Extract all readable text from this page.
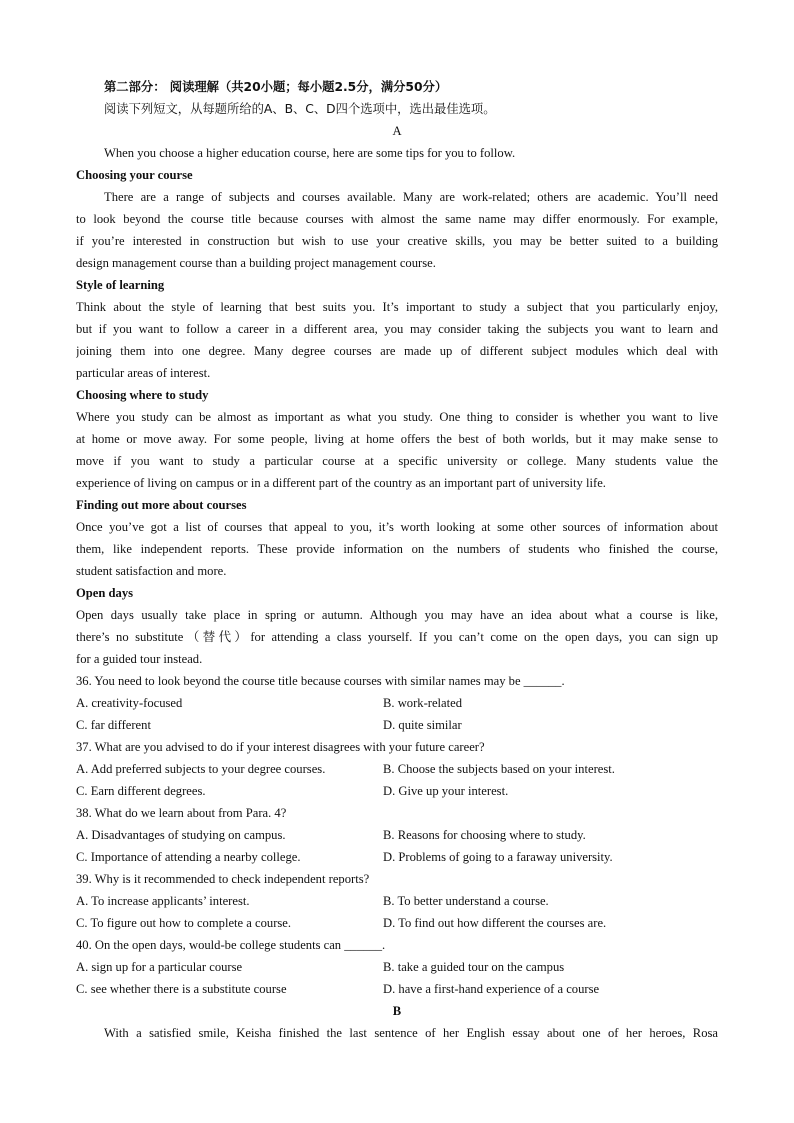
第二部分： 阅读理解（共20小题；每小题2.5分，满分50分）
阅读下列短文，从每题所给的A、B、C、D四个选项中，选出最佳选项。
A
When you choose a higher education course, here are some tips for you to follow.
Choosing your course
There are a range of subjects and courses available. Many are work-related; others are academic. You’ll need
to look beyond the course title because courses with almost the same name may differ enormously. For example,
if you’re interested in construction but wish to use your creative skills, you may be better suited to a building
design management course than a building project management course.
Style of learning
Think about the style of learning that best suits you. It’s important to study a subject that you particularly enjoy,
but if you want to follow a career in a different area, you may consider taking the subjects you want to learn and
joining them into one degree. Many degree courses are made up of different subject modules which deal with
particular areas of interest.
Choosing where to study
Where you study can be almost as important as what you study. One thing to consider is whether you want to live
at home or move away. For some people, living at home offers the best of both worlds, but it may make sense to
move if you want to study a particular course at a specific university or college. Many students value the
experience of living on campus or in a different part of the country as an important part of university life.
Finding out more about courses
Once you’ve got a list of courses that appeal to you, it’s worth looking at some other sources of information about
them, like independent reports. These provide information on the numbers of students who finished the course,
student satisfaction and more.
Open days
Open days usually take place in spring or autumn. Although you may have an idea about what a course is like,
there’s no substitute（替代）for attending a class yourself. If you can’t come on the open days, you can sign up
for a guided tour instead.
36. You need to look beyond the course title because courses with similar names may be ______.
A. creativity-focused	B. work-related
C. far different	D. quite similar
37. What are you advised to do if your interest disagrees with your future career?
A. Add preferred subjects to your degree courses.	B. Choose the subjects based on your interest.
C. Earn different degrees.	D. Give up your interest.
38. What do we learn about from Para. 4?
A. Disadvantages of studying on campus.	B. Reasons for choosing where to study.
C. Importance of attending a nearby college.	D. Problems of going to a faraway university.
39. Why is it recommended to check independent reports?
A. To increase applicants’ interest.	B. To better understand a course.
C. To figure out how to complete a course.	D. To find out how different the courses are.
40. On the open days, would-be college students can ______.
A. sign up for a particular course	B. take a guided tour on the campus
C. see whether there is a substitute course	D. have a first-hand experience of a course
B
With a satisfied smile, Keisha finished the last sentence of her English essay about one of her heroes, Rosa
